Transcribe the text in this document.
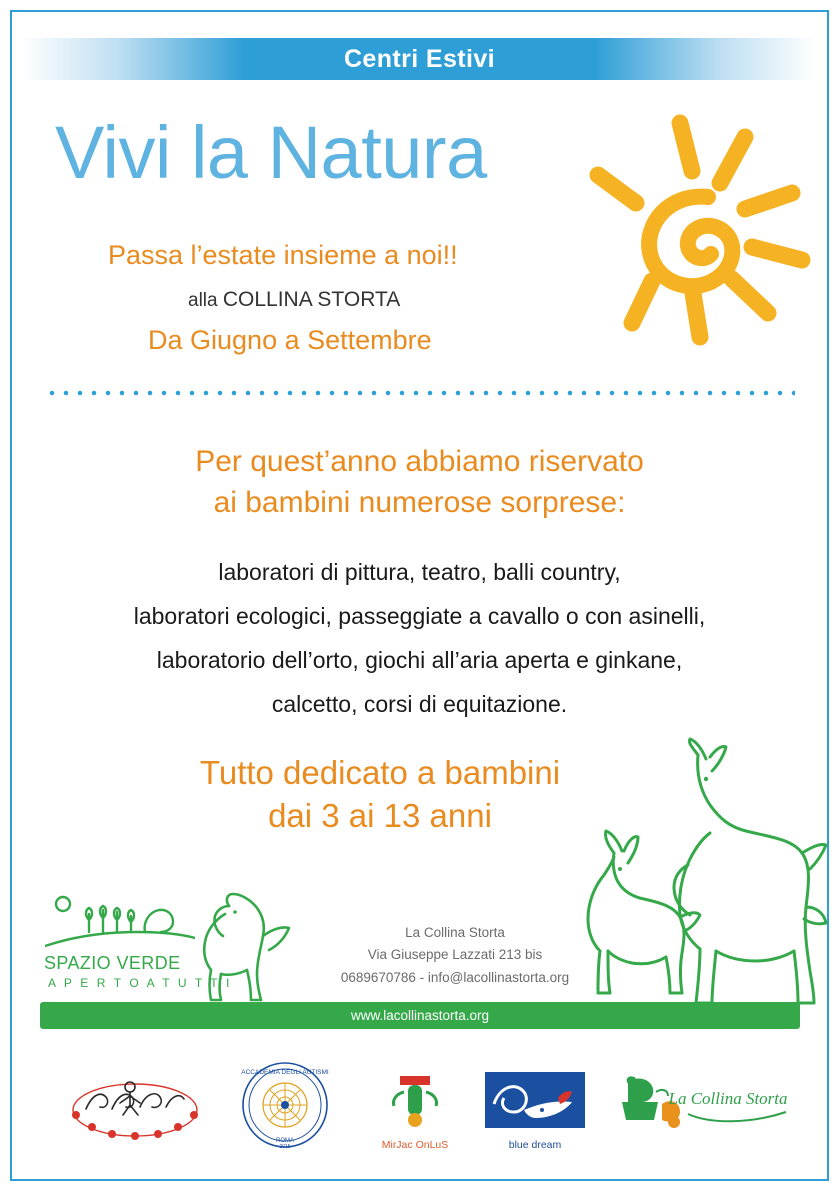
Centri Estivi
Vivi la Natura
Passa l’estate insieme a noi!!
alla COLLINA STORTA
Da Giugno a Settembre
Per quest’anno abbiamo riservato
ai bambini numerose sorprese:
laboratori di pittura, teatro, balli country,
laboratori ecologici, passeggiate a cavallo o con asinelli,
laboratorio dell’orto, giochi all’aria aperta e ginkane,
calcetto, corsi di equitazione.
Tutto dedicato a bambini
dai 3 ai 13 anni
SPAZIO VERDE
A P E R T O A T U T T I
La Collina Storta
Via Giuseppe Lazzati 213 bis
0689670786 - info@lacollinastorta.org
www.lacollinastorta.org
ACCADEMIA DEGLI AUTISMI
ROMA
2015	MirJac OnLuS	blue dream
La Collina Storta
